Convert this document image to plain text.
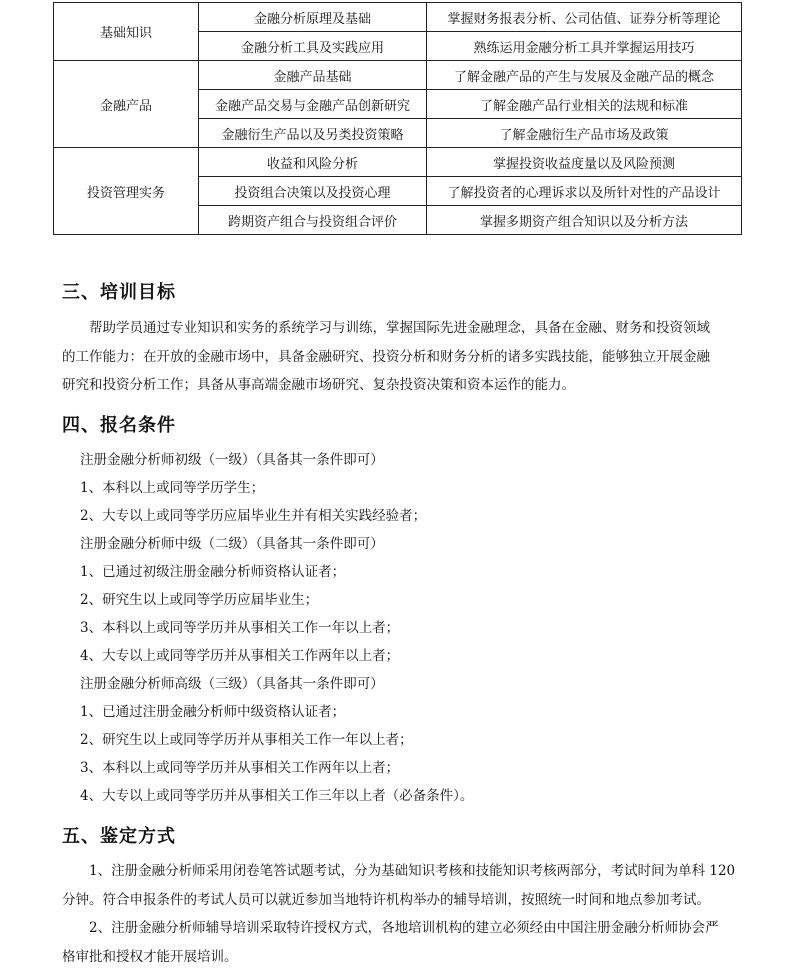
基础知识	金融分析原理及基础	掌握财务报表分析、公司估值、证券分析等理论
	金融分析工具及实践应用	熟练运用金融分析工具并掌握运用技巧
金融产品	金融产品基础	了解金融产品的产生与发展及金融产品的概念
	金融产品交易与金融产品创新研究	了解金融产品行业相关的法规和标准
	金融衍生产品以及另类投资策略	了解金融衍生产品市场及政策
投资管理实务	收益和风险分析	掌握投资收益度量以及风险预测
	投资组合决策以及投资心理	了解投资者的心理诉求以及所针对性的产品设计
	跨期资产组合与投资组合评价	掌握多期资产组合知识以及分析方法
三、培训目标
帮助学员通过专业知识和实务的系统学习与训练，掌握国际先进金融理念，具备在金融、财务和投资领域
的工作能力：在开放的金融市场中，具备金融研究、投资分析和财务分析的诸多实践技能，能够独立开展金融
研究和投资分析工作；具备从事高端金融市场研究、复杂投资决策和资本运作的能力。
四、报名条件
注册金融分析师初级（一级）（具备其一条件即可）
1、本科以上或同等学历学生；
2、大专以上或同等学历应届毕业生并有相关实践经验者；
注册金融分析师中级（二级）（具备其一条件即可）
1、已通过初级注册金融分析师资格认证者；
2、研究生以上或同等学历应届毕业生；
3、本科以上或同等学历并从事相关工作一年以上者；
4、大专以上或同等学历并从事相关工作两年以上者；
注册金融分析师高级（三级）（具备其一条件即可）
1、已通过注册金融分析师中级资格认证者；
2、研究生以上或同等学历并从事相关工作一年以上者；
3、本科以上或同等学历并从事相关工作两年以上者；
4、大专以上或同等学历并从事相关工作三年以上者（必备条件）。
五、鉴定方式
1、注册金融分析师采用闭卷笔答试题考试，分为基础知识考核和技能知识考核两部分，考试时间为单科 120
分钟。符合申报条件的考试人员可以就近参加当地特许机构举办的辅导培训，按照统一时间和地点参加考试。
2、注册金融分析师辅导培训采取特许授权方式，各地培训机构的建立必须经由中国注册金融分析师协会严
格审批和授权才能开展培训。
